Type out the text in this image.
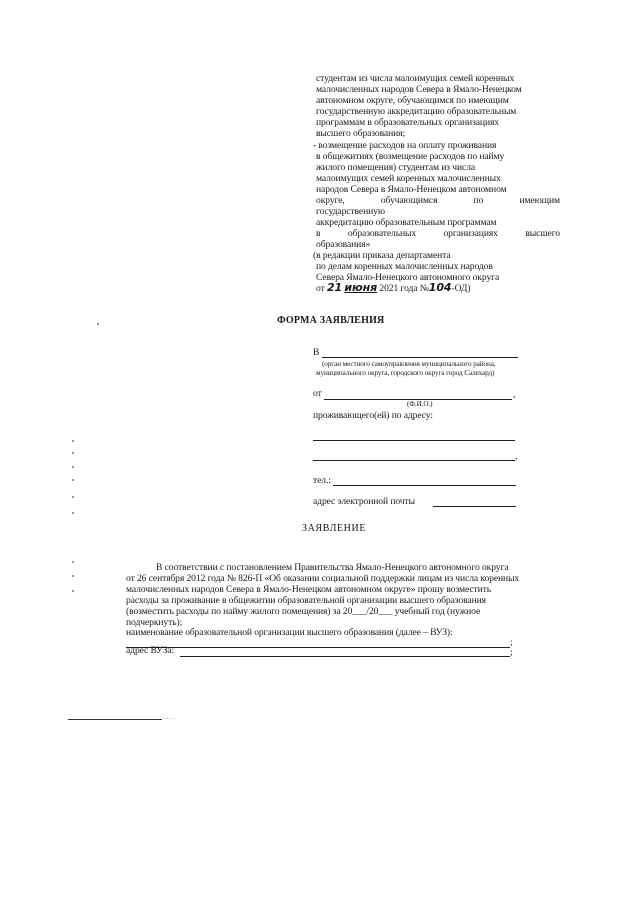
студентам из числа малоимущих семей коренных
малочисленных народов Севера в Ямало-Ненецком
автономном округе, обучающимся по имеющим
государственную аккредитацию образовательным
программам в образовательных организациях
высшего образования;
- возмещение расходов на оплату проживания
в общежитиях (возмещение расходов по найму
жилого помещения) студентам из числа
малоимущих семей коренных малочисленных
народов Севера в Ямало-Ненецком автономном
округе,	обучающимся	по	имеющим
государственную
аккредитацию образовательным программам
в	образовательных	организациях	высшего
образования»
(в редакции приказа департамента
по делам коренных малочисленных народов
Севера Ямало-Ненецкого автономного округа
от 21 июня 2021 года №104-ОД)
ФОРМА ЗАЯВЛЕНИЯ
В
(орган местного самоуправления муниципального района,
муниципального округа, городского округа город Салехард)
от	,
(Ф.И.О.)
проживающего(ей) по адресу:
,
тел.:
адрес электронной почты
ЗАЯВЛЕНИЕ
В соответствии с постановлением Правительства Ямало-Ненецкого автономного округа
от 26 сентября 2012 года № 826-П «Об оказании социальной поддержки лицам из числа коренных
малочисленных народов Севера в Ямало-Ненецком автономном округе» прошу возместить
расходы за проживание в общежитии образовательной организации высшего образования
(возместить расходы по найму жилого помещения) за 20___/20___ учебный год (нужное
подчеркнуть);
наименование образовательной организации высшего образования (далее – ВУЗ):
;
адрес ВУЗа:	;
. . . .
